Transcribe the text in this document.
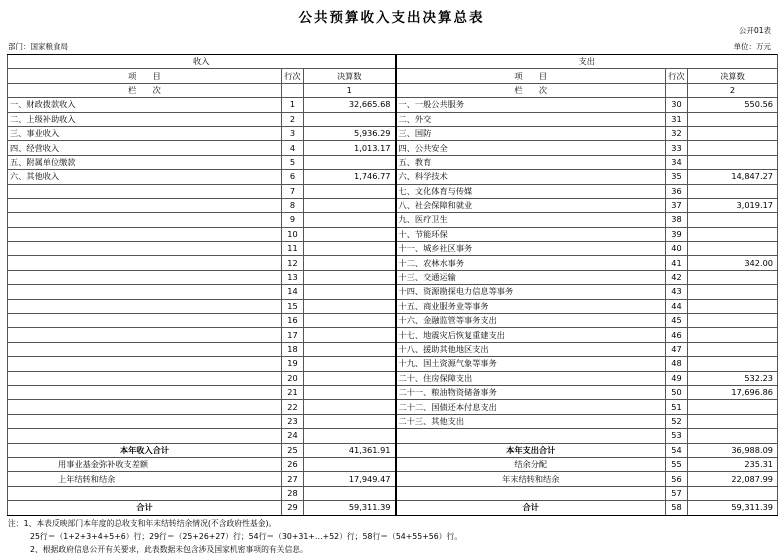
公共预算收入支出决算总表
公开01表
部门：国家粮食局	单位：万元
收入			支出		
项　　目	行次	决算数	项　　目	行次	决算数
栏　　次		1	栏　　次		2
一、财政拨款收入	1	32,665.68	一、一般公共服务	30	550.56
二、上级补助收入	2		二、外交	31	
三、事业收入	3	5,936.29	三、国防	32	
四、经营收入	4	1,013.17	四、公共安全	33	
五、附属单位缴款	5		五、教育	34	
六、其他收入	6	1,746.77	六、科学技术	35	14,847.27
	7		七、文化体育与传媒	36	
	8		八、社会保障和就业	37	3,019.17
	9		九、医疗卫生	38	
	10		十、节能环保	39	
	11		十一、城乡社区事务	40	
	12		十二、农林水事务	41	342.00
	13		十三、交通运输	42	
	14		十四、资源勘探电力信息等事务	43	
	15		十五、商业服务业等事务	44	
	16		十六、金融监管等事务支出	45	
	17		十七、地震灾后恢复重建支出	46	
	18		十八、援助其他地区支出	47	
	19		十九、国土资源气象等事务	48	
	20		二十、住房保障支出	49	532.23
	21		二十一、粮油物资储备事务	50	17,696.86
	22		二十二、国债还本付息支出	51	
	23		二十三、其他支出	52	
	24			53	
本年收入合计	25	41,361.91	本年支出合计	54	36,988.09
用事业基金弥补收支差额	26		结余分配	55	235.31
上年结转和结余	27	17,949.47	年末结转和结余	56	22,087.99
	28			57	
合计	29	59,311.39	合计	58	59,311.39
注：1、本表反映部门本年度的总收支和年末结转结余情况(不含政府性基金)。
25行＝（1+2+3+4+5+6）行；29行＝（25+26+27）行；54行＝（30+31+…+52）行；58行＝（54+55+56）行。
2、根据政府信息公开有关要求，此表数据未包含涉及国家机密事项的有关信息。
